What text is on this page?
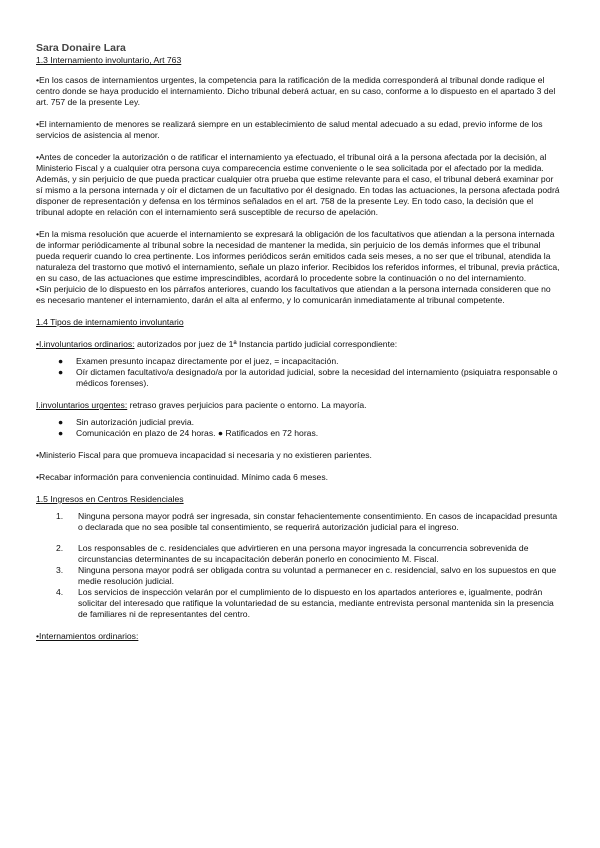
Sara Donaire Lara
1.3 Internamiento involuntario, Art 763

•En los casos de internamientos urgentes, la competencia para la ratificación de la medida corresponderá al tribunal donde radique el centro donde se haya producido el internamiento. Dicho tribunal deberá actuar, en su caso, conforme a lo dispuesto en el apartado 3 del art. 757 de la presente Ley.

•El internamiento de menores se realizará siempre en un establecimiento de salud mental adecuado a su edad, previo informe de los servicios de asistencia al menor.

•Antes de conceder la autorización o de ratificar el internamiento ya efectuado, el tribunal oirá a la persona afectada por la decisión, al Ministerio Fiscal y a cualquier otra persona cuya comparecencia estime conveniente o le sea solicitada por el afectado por la medida. Además, y sin perjuicio de que pueda practicar cualquier otra prueba que estime relevante para el caso, el tribunal deberá examinar por sí mismo a la persona internada y oír el dictamen de un facultativo por él designado. En todas las actuaciones, la persona afectada podrá disponer de representación y defensa en los términos señalados en el art. 758 de la presente Ley. En todo caso, la decisión que el tribunal adopte en relación con el internamiento será susceptible de recurso de apelación.

•En la misma resolución que acuerde el internamiento se expresará la obligación de los facultativos que atiendan a la persona internada de informar periódicamente al tribunal sobre la necesidad de mantener la medida, sin perjuicio de los demás informes que el tribunal pueda requerir cuando lo crea pertinente. Los informes periódicos serán emitidos cada seis meses, a no ser que el tribunal, atendida la naturaleza del trastorno que motivó el internamiento, señale un plazo inferior. Recibidos los referidos informes, el tribunal, previa práctica, en su caso, de las actuaciones que estime imprescindibles, acordará lo procedente sobre la continuación o no del internamiento.

•Sin perjuicio de lo dispuesto en los párrafos anteriores, cuando los facultativos que atiendan a la persona internada consideren que no es necesario mantener el internamiento, darán el alta al enfermo, y lo comunicarán inmediatamente al tribunal competente.

1.4 Tipos de internamiento involuntario

•I.involuntarios ordinarios: autorizados por juez de 1ª Instancia partido judicial correspondiente:

● Examen presunto incapaz directamente por el juez, = incapacitación.
● Oír dictamen facultativo/a designado/a por la autoridad judicial, sobre la necesidad del internamiento (psiquiatra responsable o médicos forenses).

I.involuntarios urgentes: retraso graves perjuicios para paciente o entorno. La mayoría.

● Sin autorización judicial previa.
● Comunicación en plazo de 24 horas. ● Ratificados en 72 horas.

•Ministerio Fiscal para que promueva incapacidad si necesaria y no existieren parientes.

•Recabar información para conveniencia continuidad. Mínimo cada 6 meses.

1.5 Ingresos en Centros Residenciales
1. Ninguna persona mayor podrá ser ingresada, sin constar fehacientemente consentimiento. En casos de incapacidad presunta o declarada que no sea posible tal consentimiento, se requerirá autorización judicial para el ingreso.
2. Los responsables de c. residenciales que advirtieren en una persona mayor ingresada la concurrencia sobrevenida de circunstancias determinantes de su incapacitación deberán ponerlo en conocimiento M. Fiscal.
3. Ninguna persona mayor podrá ser obligada contra su voluntad a permanecer en c. residencial, salvo en los supuestos en que medie resolución judicial.
4. Los servicios de inspección velarán por el cumplimiento de lo dispuesto en los apartados anteriores e, igualmente, podrán solicitar del interesado que ratifique la voluntariedad de su estancia, mediante entrevista personal mantenida sin la presencia de familiares ni de representantes del centro.

•Internamientos ordinarios:
